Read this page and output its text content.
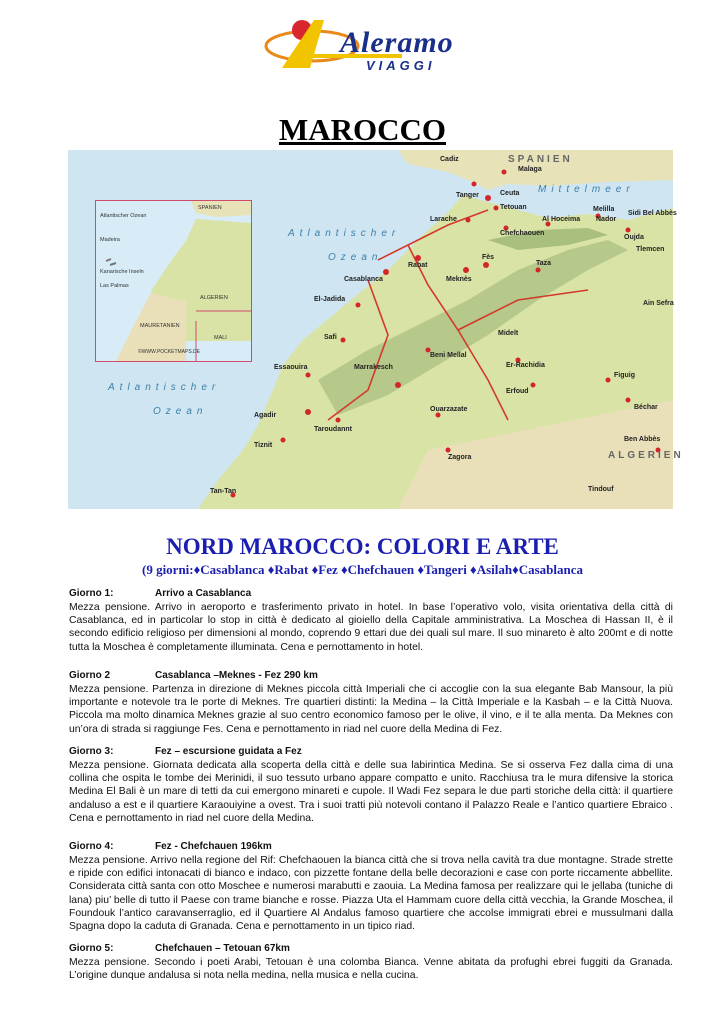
Aleramo
VIAGGI
MAROCCO
SPANIEN
ALGERIEN
Mittelmeer
Atlantischer
Ozean
Atlantischer
Ozean
Cadiz
Malaga
Tanger	Ceuta
Tetouan
Larache
Chefchaouen
Al Hoceima
Melilla
Nador
Oujda
Sidi Bel Abbès
Tlemcen
Rabat
Casablanca	Meknès
Fès
Taza
El-Jadida
Safi
Beni Mellal
Midelt
Marrakesch
Essaouira	Er-Rachidia
Erfoud
Ouarzazate
Agadir
Taroudannt
Tiznit
Zagora
Tan-Tan
Figuig
Ain Sefra
Béchar
Ben Abbès
Tindouf
Atlantischer Ozean
SPANIEN
Madeira
Kanarische Inseln
Las Palmas
MAURETANIEN
ALGERIEN
MALI
©WWW.POCKETMAPS.DE
NORD MAROCCO: COLORI E ARTE
(9 giorni:♦Casablanca ♦Rabat ♦Fez ♦Chefchauen ♦Tangeri ♦Asilah♦Casablanca
Giorno 1:	Arrivo a Casablanca
Mezza pensione. Arrivo in aeroporto e trasferimento privato in hotel. In base l’operativo volo, visita orientativa della città di Casablanca, ed in particolar lo stop in città è dedicato al gioiello della Capitale amministrativa. La Moschea di Hassan II, è il secondo edificio religioso per dimensioni al mondo, coprendo 9 ettari due dei quali sul mare. Il suo minareto è alto 200mt e di notte tutta la Moschea è completamente illuminata. Cena e pernottamento in hotel.
Giorno 2	Casablanca –Meknes - Fez 290 km
Mezza pensione. Partenza in direzione di Meknes piccola città Imperiali che ci accoglie con la sua elegante Bab Mansour, la più importante e notevole tra le porte di Meknes. Tre quartieri distinti: la Medina – la Città Imperiale e la Kasbah – e la Città Nuova. Piccola ma molto dinamica Meknes grazie al suo centro economico famoso per le olive, il vino, e il te alla menta. Da Meknes con un’ora di strada si raggiunge Fes. Cena e pernottamento in riad nel cuore della Medina di Fez.
Giorno 3:	Fez – escursione guidata a Fez
Mezza pensione. Giornata dedicata alla scoperta della città e delle sua labirintica Medina. Se si osserva Fez dalla cima di una collina che ospita le tombe dei Merinidi, il suo tessuto urbano appare compatto e unito. Racchiusa tra le mura difensive la storica Medina El Bali è un mare di tetti da cui emergono minareti e cupole. Il Wadi Fez separa le due parti storiche della città: il quartiere andaluso a est e il quartiere Karaouiyine a ovest. Tra i suoi tratti più notevoli contano il Palazzo Reale e l’antico quartiere Ebraico . Cena e pernottamento in riad nel cuore della Medina.
Giorno 4:	Fez - Chefchauen 196km
Mezza pensione. Arrivo nella regione del Rif: Chefchaouen la bianca città che si trova nella cavità tra due montagne. Strade strette e ripide con edifici intonacati di bianco e indaco, con pizzette fontane della belle decorazioni e case con porte riccamente abbellite. Considerata città santa con otto Moschee e numerosi marabutti e zaouia. La Medina famosa per realizzare qui le jellaba (tuniche di lana) piu’ belle di tutto il Paese con trame bianche e rosse. Piazza Uta el Hammam cuore della città vecchia, la Grande Moschea, il Foundouk l’antico caravanserraglio, ed il Quartiere Al Andalus famoso quartiere che accolse immigrati ebrei e mussulmani dalla Spagna dopo la caduta di Granada. Cena e pernottamento in un tipico riad.
Giorno 5:	Chefchauen – Tetouan 67km
Mezza pensione. Secondo i poeti Arabi, Tetouan è una colomba Bianca. Venne abitata da profughi ebrei fuggiti da Granada. L’origine dunque andalusa si nota nella medina, nella musica e nella cucina.
